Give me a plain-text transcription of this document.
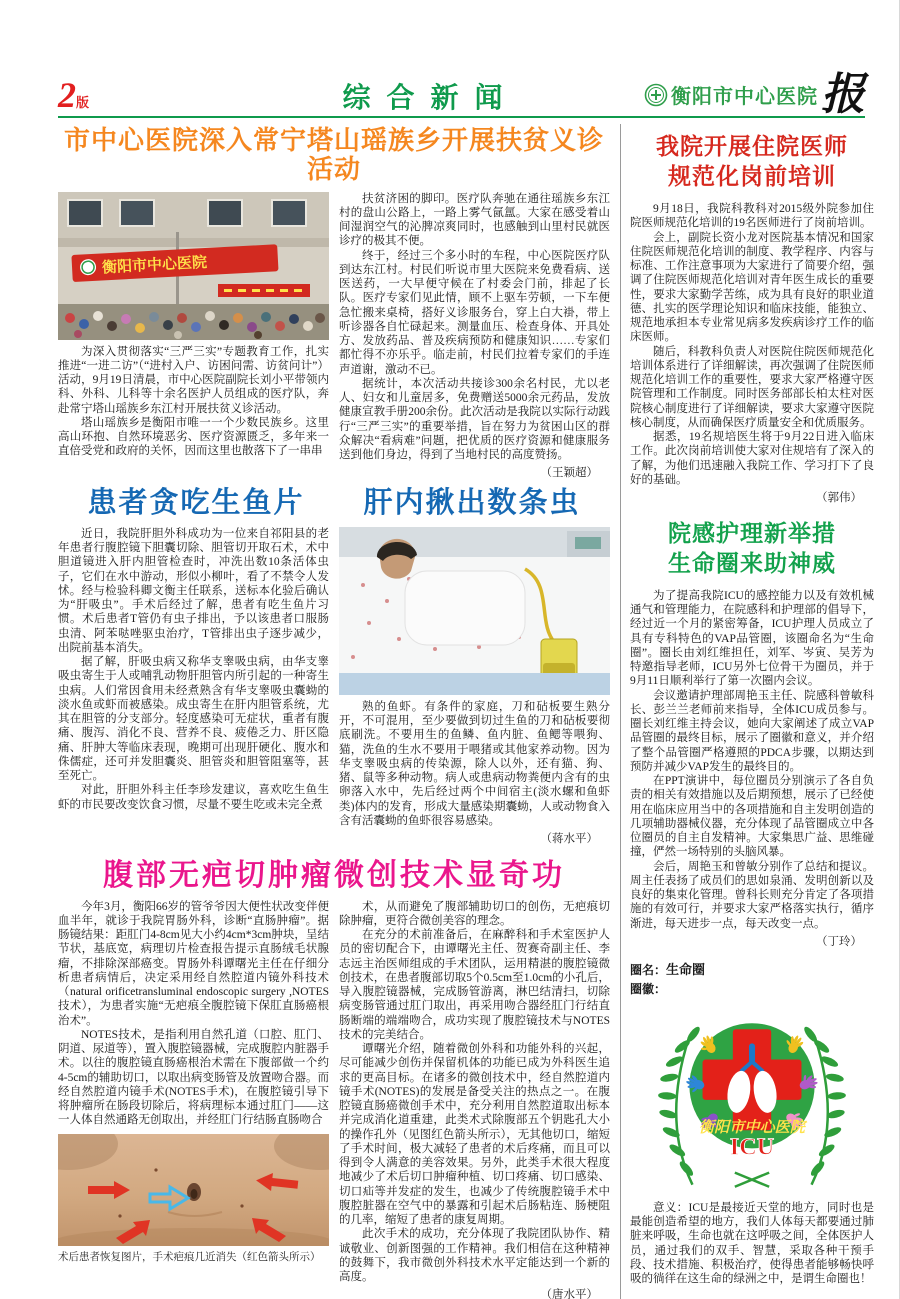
2版	综合新闻	衡阳市中心医院 报
市中心医院深入常宁塔山瑶族乡开展扶贫义诊活动
衡阳市中心医院

为深入贯彻落实“三严三实”专题教育工作，扎实推进“一进二访”（“进村入户、访困问需、访贫问计”）活动，9月19日清晨，市中心医院副院长刘小平带领内科、外科、儿科等十余名医护人员组成的医疗队，奔赴常宁塔山瑶族乡东江村开展扶贫义诊活动。

塔山瑶族乡是衡阳市唯一一个少数民族乡。这里高山环抱、自然环境恶劣、医疗资源匮乏，多年来一直倍受党和政府的关怀，因而这里也散落下了一串串

扶贫济困的脚印。医疗队奔驰在通往瑶族乡东江村的盘山公路上，一路上雾气氤氲。大家在感受着山间湿润空气的沁脾凉爽同时，也感触到山里村民就医诊疗的极其不便。

终于，经过三个多小时的车程，中心医院医疗队到达东江村。村民们听说市里大医院来免费看病、送医送药，一大早便守候在了村委会门前，排起了长队。医疗专家们见此情，顾不上驱车劳顿，一下车便急忙搬来桌椅，搭好义诊服务台，穿上白大褂，带上听诊器各自忙碌起来。测量血压、检查身体、开具处方、发放药品、普及疾病预防和健康知识……专家们都忙得不亦乐乎。临走前，村民们拉着专家们的手连声道谢，激动不已。

据统计，本次活动共接诊300余名村民，尤以老人、妇女和儿童居多，免费赠送5000余元药品，发放健康宣教手册200余份。此次活动是我院以实际行动践行“三严三实”的重要举措，旨在努力为贫困山区的群众解决“看病难”问题，把优质的医疗资源和健康服务送到他们身边，得到了当地村民的高度赞扬。

（王颖超）
患者贪吃生鱼片	肝内揪出数条虫

近日，我院肝胆外科成功为一位来自祁阳县的老年患者行腹腔镜下胆囊切除、胆管切开取石术，术中胆道镜进入肝内胆管检查时，冲洗出数10条活体虫子，它们在水中游动，形似小柳叶，看了不禁令人发怵。经与检验科卿文衡主任联系，送标本化验后确认为“肝吸虫”。手术后经过了解，患者有吃生鱼片习惯。术后患者T管仍有虫子排出，予以该患者口服肠虫清、阿苯哒唑驱虫治疗，T管排出虫子逐步减少，出院前基本消失。

据了解，肝吸虫病又称华支睾吸虫病，由华支睾吸虫寄生于人或哺乳动物肝胆管内所引起的一种寄生虫病。人们常因食用未经煮熟含有华支睾吸虫囊蚴的淡水鱼或虾而被感染。成虫寄生在肝内胆管系统，尤其在胆管的分支部分。轻度感染可无症状，重者有腹痛、腹泻、消化不良、营养不良、疲倦乏力、肝区隐痛、肝肿大等临床表现，晚期可出现肝硬化、腹水和侏儒症，还可并发胆囊炎、胆管炎和胆管阻塞等，甚至死亡。

对此，肝胆外科主任李珍发建议，喜欢吃生鱼生虾的市民要改变饮食习惯，尽量不要生吃或未完全煮

熟的鱼虾。有条件的家庭，刀和砧板要生熟分开，不可混用，至少要做到切过生鱼的刀和砧板要彻底刷洗。不要用生的鱼鳞、鱼内脏、鱼鳃等喂狗、猫，洗鱼的生水不要用于喂猪或其他家养动物。因为华支睾吸虫病的传染源，除人以外，还有猫、狗、猪、鼠等多种动物。病人或患病动物粪便内含有的虫卵落入水中，先后经过两个中间宿主(淡水螺和鱼虾类)体内的发育，形成大量感染期囊蚴，人或动物食入含有活囊蚴的鱼虾很容易感染。

（蒋水平）
腹部无疤切肿瘤微创技术显奇功

今年3月，衡阳66岁的管爷爷因大便性状改变伴便血半年，就诊于我院胃肠外科，诊断“直肠肿瘤”。据肠镜结果：距肛门4-8cm见大小约4cm*3cm肿块，呈结节状，基底宽，病理切片检查报告提示直肠绒毛状腺瘤，不排除深部癌变。胃肠外科谭曙光主任在仔细分析患者病情后，决定采用经自然腔道内镜外科技术（natural orificetransluminal endoscopic surgery ,NOTES技术），为患者实施“无疤痕全腹腔镜下保肛直肠癌根治术”。

NOTES技术，是指利用自然孔道（口腔、肛门、阴道、尿道等），置入腹腔镜器械，完成腹腔内脏器手术。以往的腹腔镜直肠癌根治术需在下腹部做一个约4-5cm的辅助切口，以取出病变肠管及放置吻合器。而经自然腔道内镜手术(NOTES手术)，在腹腔镜引导下将肿瘤所在肠段切除后，将病理标本通过肛门——这一人体自然通路无创取出，并经肛门行结肠直肠吻合

术后患者恢复图片，手术疤痕几近消失（红色箭头所示）

术，从而避免了腹部辅助切口的创伤，无疤痕切除肿瘤，更符合微创美容的理念。

在充分的术前准备后，在麻醉科和手术室医护人员的密切配合下，由谭曙光主任、贺赛奇副主任、李志远主治医师组成的手术团队，运用精湛的腹腔镜微创技术，在患者腹部切取5个0.5cm至1.0cm的小孔后，导入腹腔镜器械，完成肠管游离，淋巴结清扫，切除病变肠管通过肛门取出，再采用吻合器经肛门行结直肠断端的端端吻合，成功实现了腹腔镜技术与NOTES技术的完美结合。

谭曙光介绍，随着微创外科和功能外科的兴起，尽可能减少创伤并保留机体的功能已成为外科医生追求的更高目标。在诸多的微创技术中，经自然腔道内镜手术(NOTES)的发展是备受关注的热点之一。在腹腔镜直肠癌微创手术中，充分利用自然腔道取出标本并完成消化道重建，此类术式除腹部五个钥匙孔大小的操作孔外（见图红色箭头所示），无其他切口，缩短了手术时间，极大减轻了患者的术后疼痛，而且可以得到令人满意的美容效果。另外，此类手术很大程度地减少了术后切口肿瘤种植、切口疼痛、切口感染、切口疝等并发症的发生，也减少了传统腹腔镜手术中腹腔脏器在空气中的暴露和引起术后肠粘连、肠梗阻的几率，缩短了患者的康复周期。

此次手术的成功，充分体现了我院团队协作、精诚敬业、创新图强的工作精神。我们相信在这种精神的鼓舞下，我市微创外科技术水平定能达到一个新的高度。

（唐水平）
我院开展住院医师
规范化岗前培训

9月18日，我院科教科对2015级外院参加住院医师规范化培训的19名医师进行了岗前培训。

会上，副院长资小龙对医院基本情况和国家住院医师规范化培训的制度、教学程序、内容与标准、工作注意事项为大家进行了简要介绍，强调了住院医师规范化培训对青年医生成长的重要性，要求大家勤学苦练，成为具有良好的职业道德、扎实的医学理论知识和临床技能，能独立、规范地承担本专业常见病多发疾病诊疗工作的临床医师。

随后，科教科负责人对医院住院医师规范化培训体系进行了详细解读，再次强调了住院医师规范化培训工作的重要性，要求大家严格遵守医院管理和工作制度。同时医务部部长柏太柱对医院核心制度进行了详细解读，要求大家遵守医院核心制度，从而确保医疗质量安全和优质服务。

据悉，19名规培医生将于9月22日进入临床工作。此次岗前培训使大家对住规培有了深入的了解，为他们迅速融入我院工作、学习打下了良好的基础。

（郭伟）
院感护理新举措
生命圈来助神威

为了提高我院ICU的感控能力以及有效机械通气和管理能力，在院感科和护理部的倡导下，经过近一个月的紧密筹备，ICU护理人员成立了具有专科特色的VAP品管圈，该圈命名为“生命圈”。圈长由刘红维担任，刘军、岑寅、吴芳为特邀指导老师，ICU另外七位骨干为圈员，并于9月11日顺利举行了第一次圈内会议。

会议邀请护理部周艳玉主任、院感科曾敏科长、彭兰兰老师前来指导，全体ICU成员参与。圈长刘红维主持会议，她向大家阐述了成立VAP品管圈的最终目标，展示了圈徽和意义，并介绍了整个品管圈严格遵照的PDCA步骤，以期达到预防并减少VAP发生的最终目的。

在PPT演讲中，每位圈员分别演示了各自负责的相关有效措施以及后期预想，展示了已经使用在临床应用当中的各项措施和自主发明创造的几项辅助器械仪器，充分体现了品管圈成立中各位圈员的自主自发精神。大家集思广益、思维碰撞，俨然一场特别的头脑风暴。

会后，周艳玉和曾敏分别作了总结和提议。周主任表扬了成员们的思如泉涌、发明创新以及良好的集束化管理。曾科长则充分肯定了各项措施的有效可行，并要求大家严格落实执行，循序渐进，每天进步一点，每天改变一点。

（丁玲）
圈名：生命圈
圈徽：
衡阳市中心医院
ICU

意义：ICU是最接近天堂的地方，同时也是最能创造希望的地方，我们人体每天都要通过肺脏来呼吸，生命也就在这呼吸之间，全体医护人员，通过我们的双手、智慧，采取各种干预手段、技术措施、积极治疗，使得患者能够畅快呼吸的徜徉在这生命的绿洲之中，是谓生命圈也！
